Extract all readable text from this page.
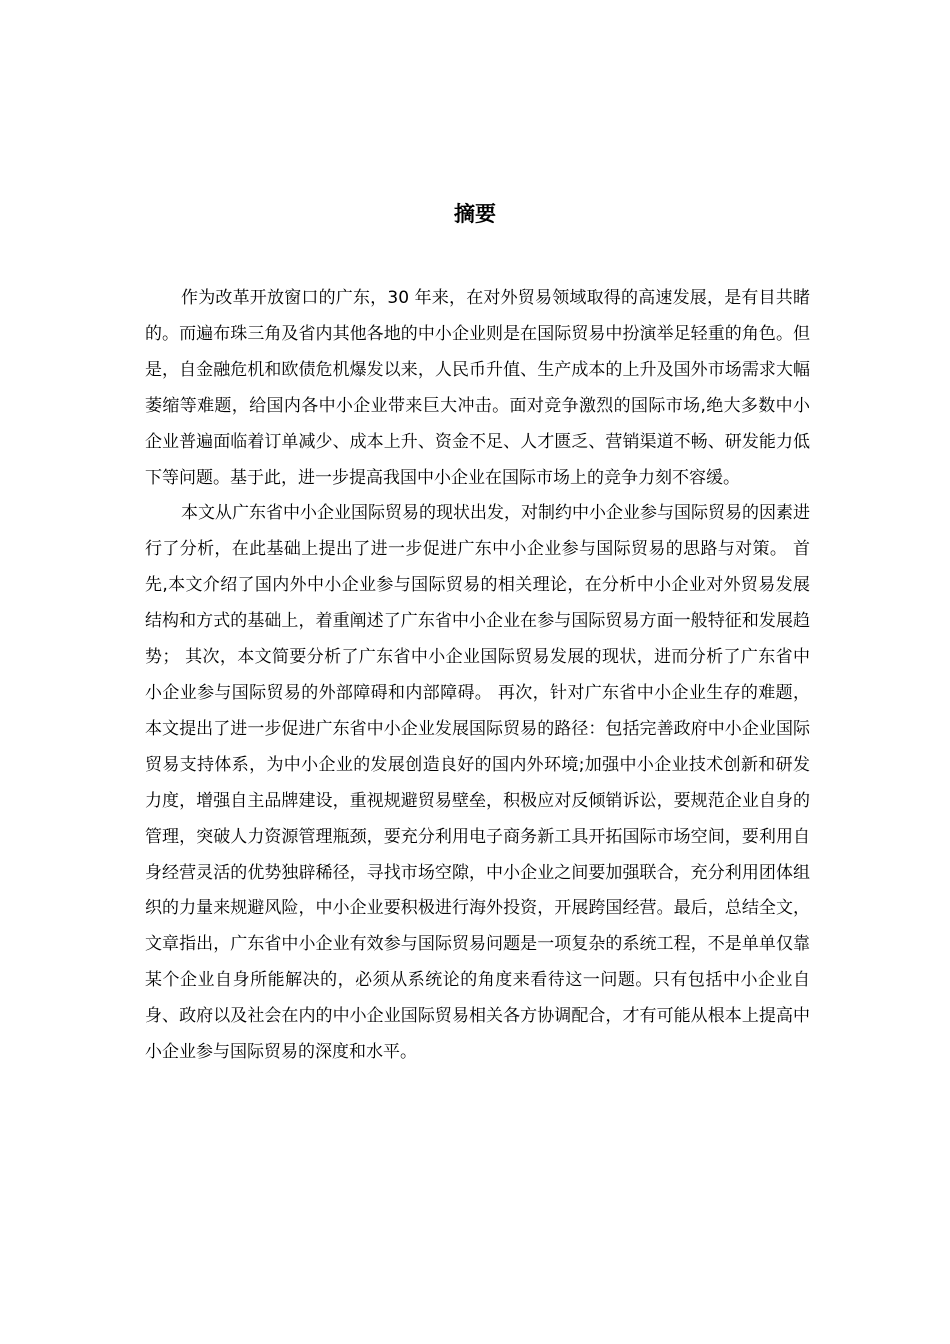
摘要

作为改革开放窗口的广东，30 年来，在对外贸易领域取得的高速发展，是有目共睹的。而遍布珠三角及省内其他各地的中小企业则是在国际贸易中扮演举足轻重的角色。但是，自金融危机和欧债危机爆发以来，人民币升值、生产成本的上升及国外市场需求大幅萎缩等难题，给国内各中小企业带来巨大冲击。面对竞争激烈的国际市场,绝大多数中小企业普遍面临着订单减少、成本上升、资金不足、人才匮乏、营销渠道不畅、研发能力低下等问题。基于此，进一步提高我国中小企业在国际市场上的竞争力刻不容缓。

本文从广东省中小企业国际贸易的现状出发，对制约中小企业参与国际贸易的因素进行了分析，在此基础上提出了进一步促进广东中小企业参与国际贸易的思路与对策。 首先,本文介绍了国内外中小企业参与国际贸易的相关理论，在分析中小企业对外贸易发展结构和方式的基础上，着重阐述了广东省中小企业在参与国际贸易方面一般特征和发展趋势； 其次，本文简要分析了广东省中小企业国际贸易发展的现状，进而分析了广东省中小企业参与国际贸易的外部障碍和内部障碍。 再次，针对广东省中小企业生存的难题，本文提出了进一步促进广东省中小企业发展国际贸易的路径：包括完善政府中小企业国际贸易支持体系，为中小企业的发展创造良好的国内外环境;加强中小企业技术创新和研发力度，增强自主品牌建设，重视规避贸易壁垒，积极应对反倾销诉讼，要规范企业自身的管理，突破人力资源管理瓶颈，要充分利用电子商务新工具开拓国际市场空间，要利用自身经营灵活的优势独辟稀径，寻找市场空隙，中小企业之间要加强联合，充分利用团体组织的力量来规避风险，中小企业要积极进行海外投资，开展跨国经营。最后，总结全文，文章指出，广东省中小企业有效参与国际贸易问题是一项复杂的系统工程，不是单单仅靠某个企业自身所能解决的，必须从系统论的角度来看待这一问题。只有包括中小企业自身、政府以及社会在内的中小企业国际贸易相关各方协调配合，才有可能从根本上提高中小企业参与国际贸易的深度和水平。
